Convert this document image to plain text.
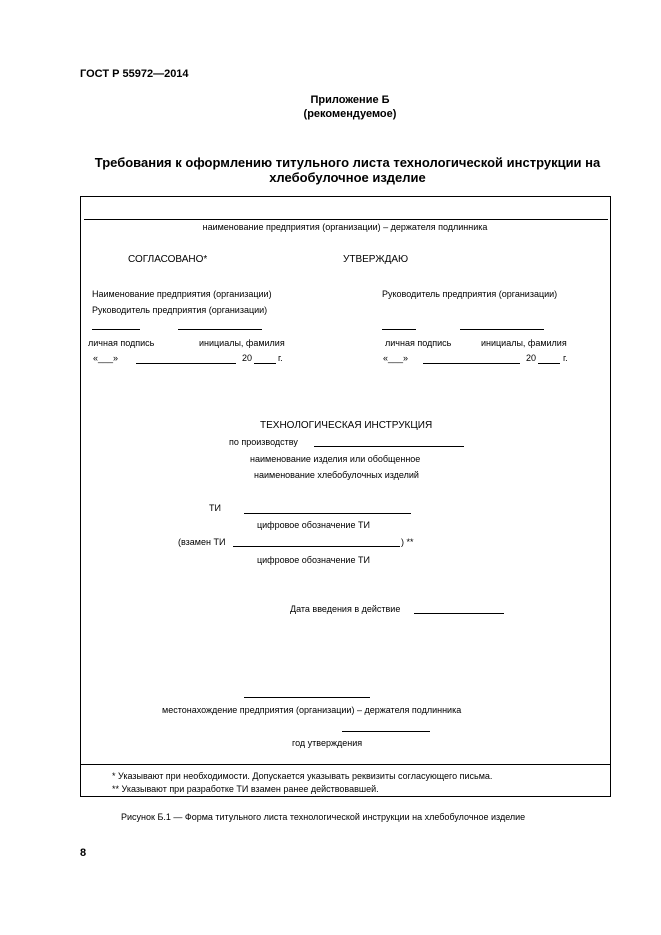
ГОСТ Р 55972—2014
Приложение Б
(рекомендуемое)
Требования к оформлению титульного листа технологической инструкции на
хлебобулочное изделие
наименование предприятия (организации) – держателя подлинника
СОГЛАСОВАНО*	УТВЕРЖДАЮ
Наименование предприятия (организации)
Руководитель предприятия (организации)
Руководитель предприятия (организации)
личная подпись	инициалы, фамилия
«___»	20	г.
личная подпись	инициалы, фамилия
«___»	20	г.
ТЕХНОЛОГИЧЕСКАЯ ИНСТРУКЦИЯ
по производству
наименование изделия или обобщенное
наименование хлебобулочных изделий
ТИ
цифровое обозначение ТИ
(взамен ТИ	) **
цифровое обозначение ТИ
Дата введения в действие
местонахождение предприятия (организации) – держателя подлинника
год утверждения
* Указывают при необходимости. Допускается указывать реквизиты согласующего письма.
** Указывают при разработке ТИ взамен ранее действовавшей.
Рисунок Б.1 — Форма титульного листа технологической инструкции на хлебобулочное изделие
8
